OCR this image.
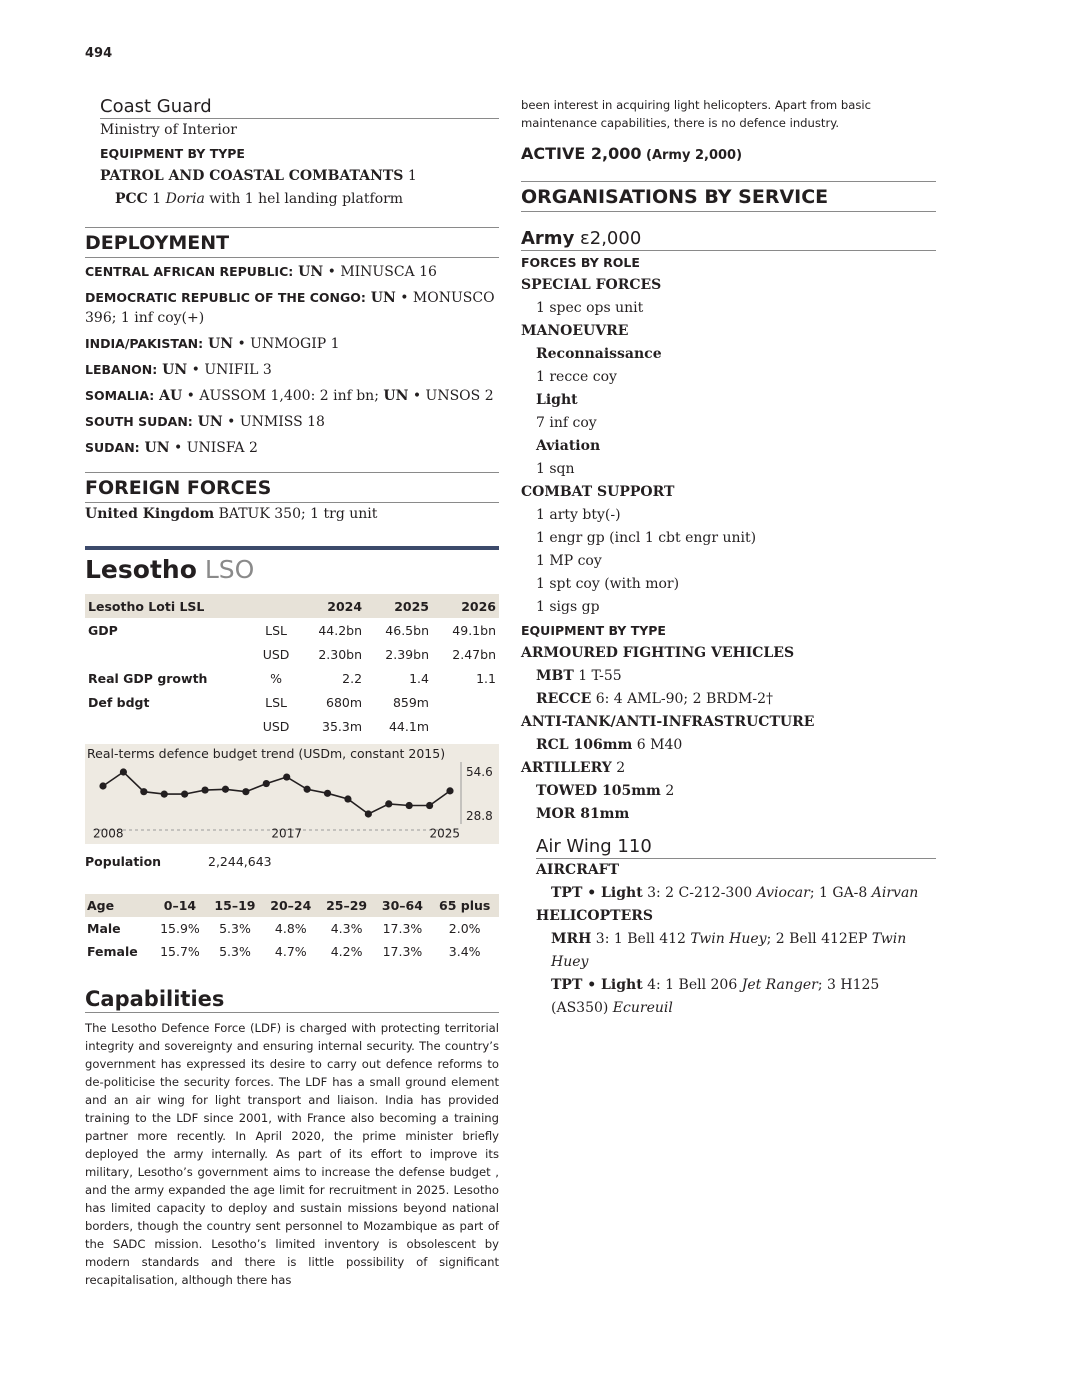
494
Coast Guard
Ministry of Interior
EQUIPMENT BY TYPE
PATROL AND COASTAL COMBATANTS 1
PCC 1 Doria with 1 hel landing platform
DEPLOYMENT
CENTRAL AFRICAN REPUBLIC: UN • MINUSCA 16
DEMOCRATIC REPUBLIC OF THE CONGO: UN • MONUSCO 396; 1 inf coy(+)
INDIA/PAKISTAN: UN • UNMOGIP 1
LEBANON: UN • UNIFIL 3
SOMALIA: AU • AUSSOM 1,400: 2 inf bn; UN • UNSOS 2
SOUTH SUDAN: UN • UNMISS 18
SUDAN: UN • UNISFA 2
FOREIGN FORCES
United Kingdom BATUK 350; 1 trg unit
Lesotho LSO
Lesotho Loti LSL		2024	2025	2026
GDP	LSL	44.2bn	46.5bn	49.1bn
	USD	2.30bn	2.39bn	2.47bn
Real GDP growth	%	2.2	1.4	1.1
Def bdgt	LSL	680m	859m	
	USD	35.3m	44.1m	
Real-terms defence budget trend (USDm, constant 2015)
54.6
28.8
2008	2017	2025
Population	2,244,643
Age	0–14	15–19	20–24	25–29	30–64	65 plus
Male	15.9%	5.3%	4.8%	4.3%	17.3%	2.0%
Female	15.7%	5.3%	4.7%	4.2%	17.3%	3.4%
Capabilities
The Lesotho Defence Force (LDF) is charged with protecting territorial integrity and sovereignty and ensuring internal security. The country’s government has expressed its desire to carry out defence reforms to de-politicise the security forces. The LDF has a small ground element and an air wing for light transport and liaison. India has provided training to the LDF since 2001, with France also becoming a training partner more recently. In April 2020, the prime minister briefly deployed the army internally. As part of its effort to improve its military, Lesotho’s government aims to increase the defense budget , and the army expanded the age limit for recruitment in 2025. Lesotho has limited capacity to deploy and sustain missions beyond national borders, though the country sent personnel to Mozambique as part of the SADC mission. Lesotho’s limited inventory is obsolescent by modern standards and there is little possibility of significant recapitalisation, although there has
been interest in acquiring light helicopters. Apart from basic maintenance capabilities, there is no defence industry.
ACTIVE 2,000 (Army 2,000)
ORGANISATIONS BY SERVICE
Army ε2,000
FORCES BY ROLE
SPECIAL FORCES
1 spec ops unit
MANOEUVRE
Reconnaissance
1 recce coy
Light
7 inf coy
Aviation
1 sqn
COMBAT SUPPORT
1 arty bty(-)
1 engr gp (incl 1 cbt engr unit)
1 MP coy
1 spt coy (with mor)
1 sigs gp
EQUIPMENT BY TYPE
ARMOURED FIGHTING VEHICLES
MBT 1 T-55
RECCE 6: 4 AML-90; 2 BRDM-2†
ANTI-TANK/ANTI-INFRASTRUCTURE
RCL 106mm 6 M40
ARTILLERY 2
TOWED 105mm 2
MOR 81mm
Air Wing 110
AIRCRAFT
TPT • Light 3: 2 C-212-300 Aviocar; 1 GA-8 Airvan
HELICOPTERS
MRH 3: 1 Bell 412 Twin Huey; 2 Bell 412EP Twin Huey
TPT • Light 4: 1 Bell 206 Jet Ranger; 3 H125 (AS350) Ecureuil
